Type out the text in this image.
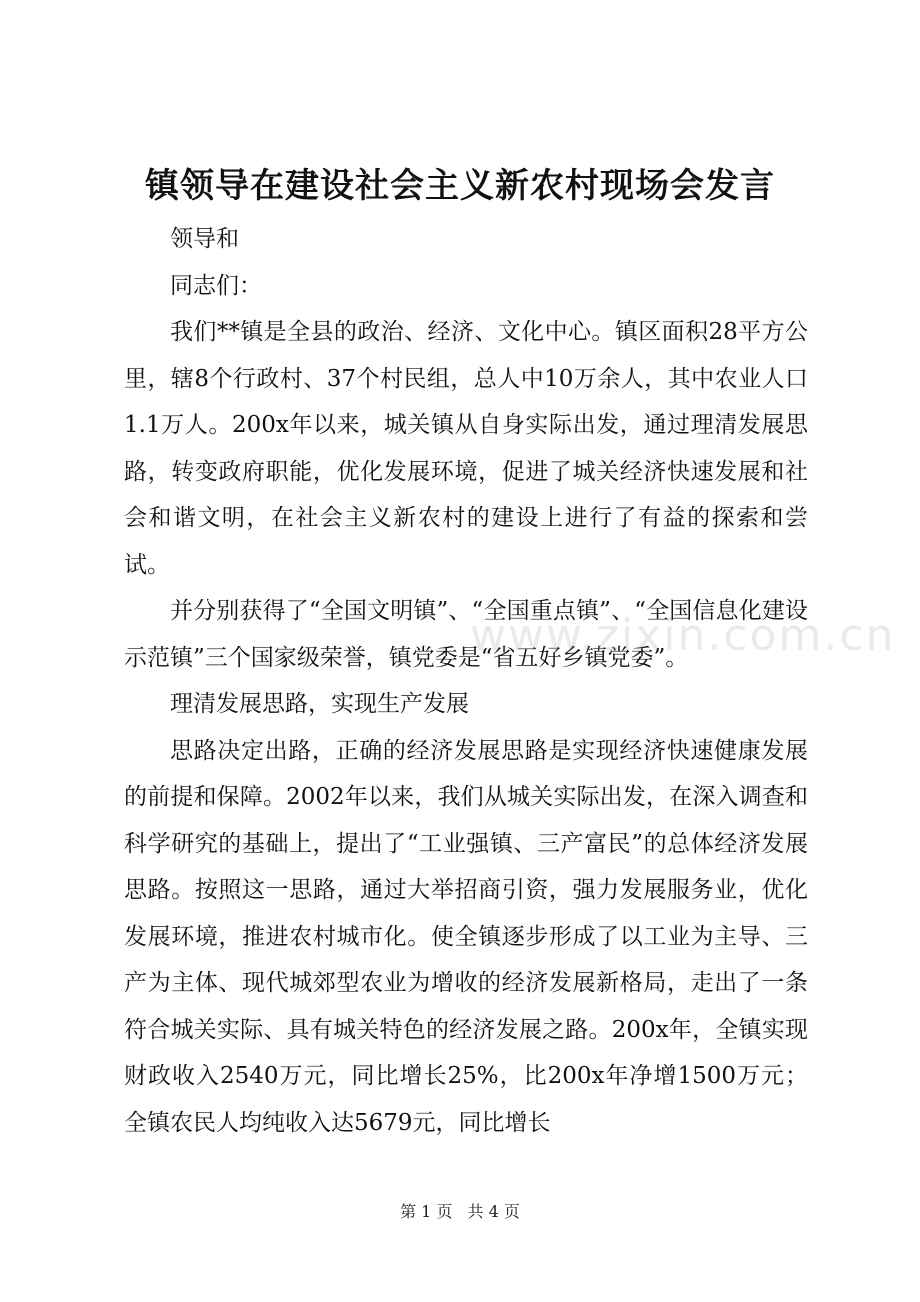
镇领导在建设社会主义新农村现场会发言

领导和

同志们：

我们**镇是全县的政治、经济、文化中心。镇区面积28平方公里，辖8个行政村、37个村民组，总人中10万余人，其中农业人口1.1万人。200x年以来，城关镇从自身实际出发，通过理清发展思路，转变政府职能，优化发展环境，促进了城关经济快速发展和社会和谐文明，在社会主义新农村的建设上进行了有益的探索和尝试。

并分别获得了“全国文明镇”、“全国重点镇”、“全国信息化建设示范镇”三个国家级荣誉，镇党委是“省五好乡镇党委”。

理清发展思路，实现生产发展

思路决定出路，正确的经济发展思路是实现经济快速健康发展的前提和保障。2002年以来，我们从城关实际出发，在深入调查和科学研究的基础上，提出了“工业强镇、三产富民”的总体经济发展思路。按照这一思路，通过大举招商引资，强力发展服务业，优化发展环境，推进农村城市化。使全镇逐步形成了以工业为主导、三产为主体、现代城郊型农业为增收的经济发展新格局，走出了一条符合城关实际、具有城关特色的经济发展之路。200x年，全镇实现财政收入2540万元，同比增长25%，比200x年净增1500万元；全镇农民人均纯收入达5679元，同比增长

www.zixin.com.cn
第 1 页 共 4 页
